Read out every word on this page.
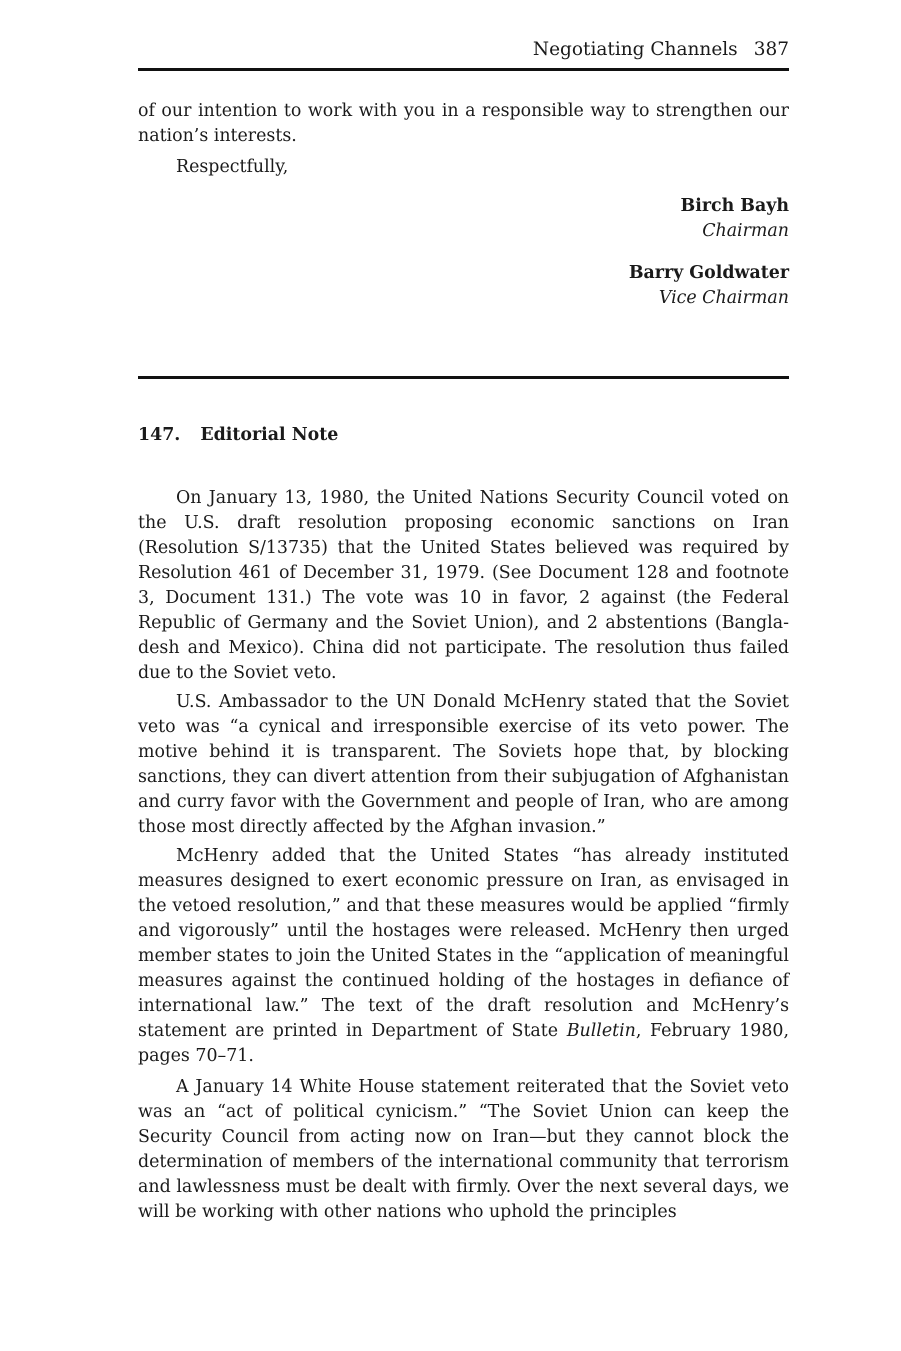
Negotiating Channels 387

of our intention to work with you in a responsible way to strengthen our nation’s interests.

Respectfully,
Birch Bayh
Chairman
Barry Goldwater
Vice Chairman
147. Editorial Note

On January 13, 1980, the United Nations Security Council voted on the U.S. draft resolution proposing economic sanctions on Iran (Resolution S/13735) that the United States believed was required by Resolution 461 of December 31, 1979. (See Document 128 and footnote 3, Document 131.) The vote was 10 in favor, 2 against (the Federal Republic of Germany and the Soviet Union), and 2 abstentions (Bangladesh and Mexico). China did not participate. The resolution thus failed due to the Soviet veto.

U.S. Ambassador to the UN Donald McHenry stated that the Soviet veto was “a cynical and irresponsible exercise of its veto power. The motive behind it is transparent. The Soviets hope that, by blocking sanctions, they can divert attention from their subjugation of Afghanistan and curry favor with the Government and people of Iran, who are among those most directly affected by the Afghan invasion.”

McHenry added that the United States “has already instituted measures designed to exert economic pressure on Iran, as envisaged in the vetoed resolution,” and that these measures would be applied “firmly and vigorously” until the hostages were released. McHenry then urged member states to join the United States in the “application of meaningful measures against the continued holding of the hostages in defiance of international law.” The text of the draft resolution and McHenry’s statement are printed in Department of State Bulletin, February 1980, pages 70–71.

A January 14 White House statement reiterated that the Soviet veto was an “act of political cynicism.” “The Soviet Union can keep the Security Council from acting now on Iran—but they cannot block the determination of members of the international community that terrorism and lawlessness must be dealt with firmly. Over the next several days, we will be working with other nations who uphold the principles
